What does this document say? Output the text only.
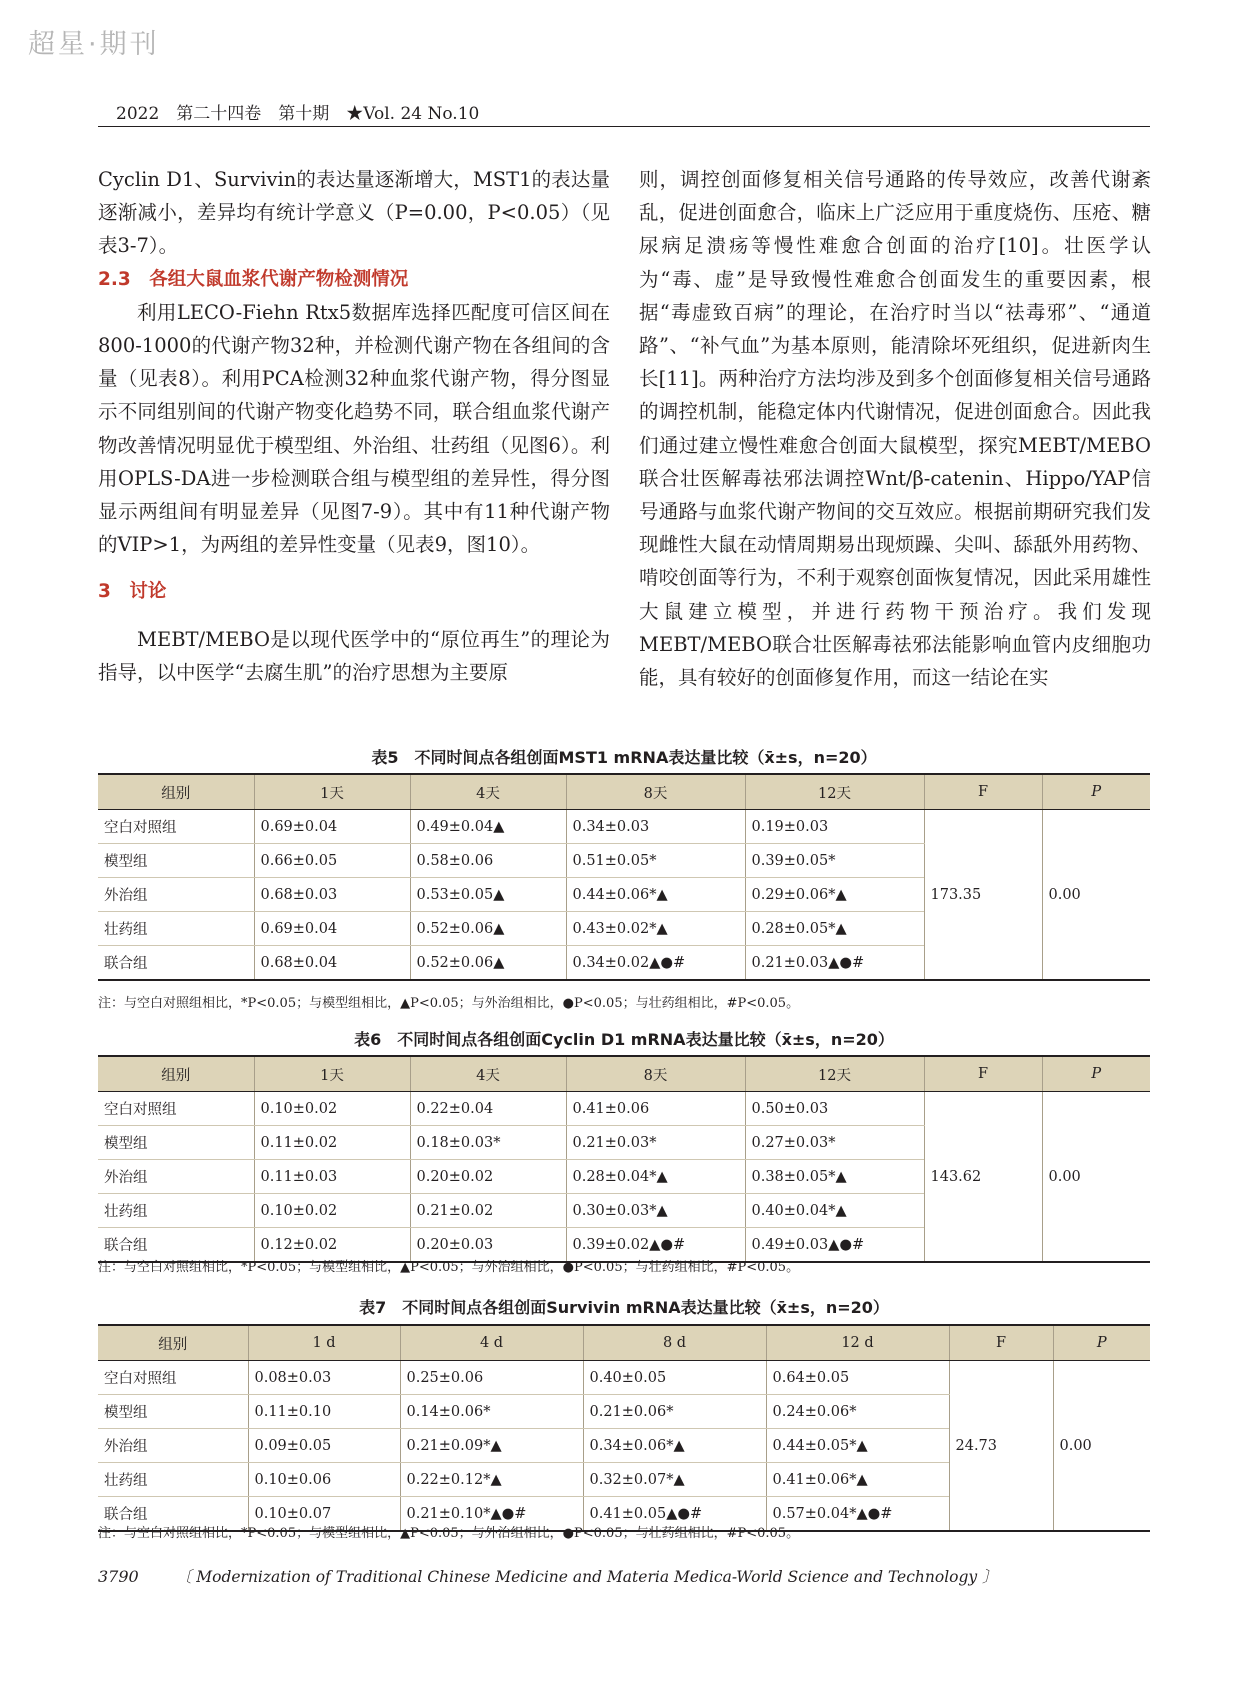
超星·期刊
2022　第二十四卷　第十期　★Vol. 24 No.10

Cyclin D1、Survivin的表达量逐渐增大，MST1的表达量逐渐减小，差异均有统计学意义（P=0.00，P<0.05）（见表3-7）。

2.3　各组大鼠血浆代谢产物检测情况

利用LECO-Fiehn Rtx5数据库选择匹配度可信区间在800-1000的代谢产物32种，并检测代谢产物在各组间的含量（见表8）。利用PCA检测32种血浆代谢产物，得分图显示不同组别间的代谢产物变化趋势不同，联合组血浆代谢产物改善情况明显优于模型组、外治组、壮药组（见图6）。利用OPLS-DA进一步检测联合组与模型组的差异性，得分图显示两组间有明显差异（见图7-9）。其中有11种代谢产物的VIP>1，为两组的差异性变量（见表9，图10）。

3　讨论

MEBT/MEBO是以现代医学中的“原位再生”的理论为指导，以中医学“去腐生肌”的治疗思想为主要原

则，调控创面修复相关信号通路的传导效应，改善代谢紊乱，促进创面愈合，临床上广泛应用于重度烧伤、压疮、糖尿病足溃疡等慢性难愈合创面的治疗[10]。壮医学认为“毒、虚”是导致慢性难愈合创面发生的重要因素，根据“毒虚致百病”的理论，在治疗时当以“祛毒邪”、“通道路”、“补气血”为基本原则，能清除坏死组织，促进新肉生长[11]。两种治疗方法均涉及到多个创面修复相关信号通路的调控机制，能稳定体内代谢情况，促进创面愈合。因此我们通过建立慢性难愈合创面大鼠模型，探究MEBT/MEBO联合壮医解毒祛邪法调控Wnt/β-catenin、Hippo/YAP信号通路与血浆代谢产物间的交互效应。根据前期研究我们发现雌性大鼠在动情周期易出现烦躁、尖叫、舔舐外用药物、啃咬创面等行为，不利于观察创面恢复情况，因此采用雄性大鼠建立模型，并进行药物干预治疗。我们发现MEBT/MEBO联合壮医解毒祛邪法能影响血管内皮细胞功能，具有较好的创面修复作用，而这一结论在实

表5　不同时间点各组创面MST1 mRNA表达量比较（x̄±s，n=20）
组别	1天	4天	8天	12天	F	P
空白对照组	0.69±0.04	0.49±0.04▲	0.34±0.03	0.19±0.03	173.35	0.00
模型组	0.66±0.05	0.58±0.06	0.51±0.05*	0.39±0.05*		
外治组	0.68±0.03	0.53±0.05▲	0.44±0.06*▲	0.29±0.06*▲		
壮药组	0.69±0.04	0.52±0.06▲	0.43±0.02*▲	0.28±0.05*▲		
联合组	0.68±0.04	0.52±0.06▲	0.34±0.02▲●#	0.21±0.03▲●#		
注：与空白对照组相比，*P<0.05；与模型组相比，▲P<0.05；与外治组相比，●P<0.05；与壮药组相比，#P<0.05。
表6　不同时间点各组创面Cyclin D1 mRNA表达量比较（x̄±s，n=20）
组别	1天	4天	8天	12天	F	P
空白对照组	0.10±0.02	0.22±0.04	0.41±0.06	0.50±0.03	143.62	0.00
模型组	0.11±0.02	0.18±0.03*	0.21±0.03*	0.27±0.03*		
外治组	0.11±0.03	0.20±0.02	0.28±0.04*▲	0.38±0.05*▲		
壮药组	0.10±0.02	0.21±0.02	0.30±0.03*▲	0.40±0.04*▲		
联合组	0.12±0.02	0.20±0.03	0.39±0.02▲●#	0.49±0.03▲●#		
注：与空白对照组相比，*P<0.05；与模型组相比，▲P<0.05；与外治组相比，●P<0.05；与壮药组相比，#P<0.05。
表7　不同时间点各组创面Survivin mRNA表达量比较（x̄±s，n=20）
组别	1 d	4 d	8 d	12 d	F	P
空白对照组	0.08±0.03	0.25±0.06	0.40±0.05	0.64±0.05	24.73	0.00
模型组	0.11±0.10	0.14±0.06*	0.21±0.06*	0.24±0.06*		
外治组	0.09±0.05	0.21±0.09*▲	0.34±0.06*▲	0.44±0.05*▲		
壮药组	0.10±0.06	0.22±0.12*▲	0.32±0.07*▲	0.41±0.06*▲		
联合组	0.10±0.07	0.21±0.10*▲●#	0.41±0.05▲●#	0.57±0.04*▲●#		
注：与空白对照组相比，*P<0.05；与模型组相比，▲P<0.05；与外治组相比，●P<0.05；与壮药组相比，#P<0.05。
3790 〔 Modernization of Traditional Chinese Medicine and Materia Medica-World Science and Technology 〕
